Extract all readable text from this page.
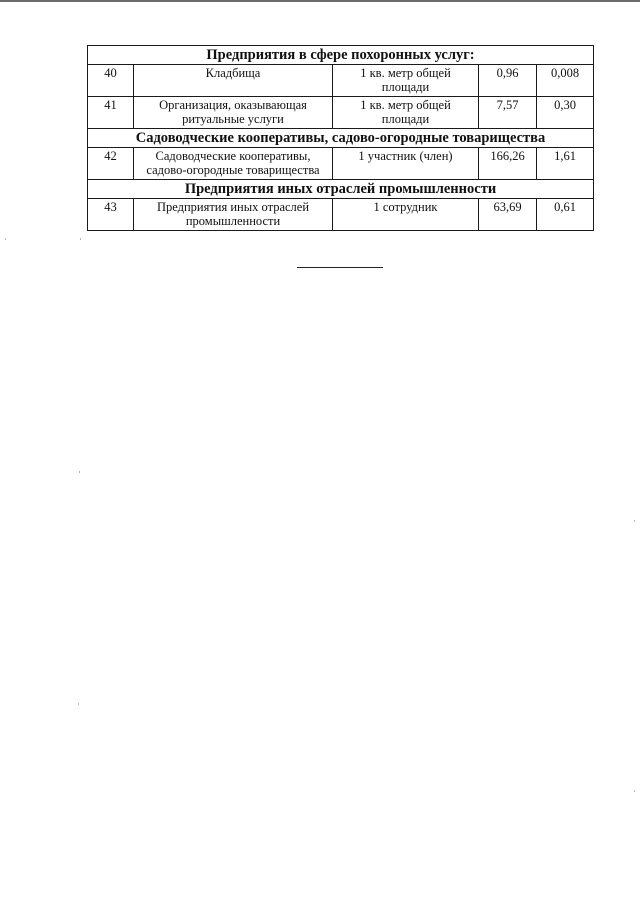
Предприятия в сфере похоронных услуг:				
40	Кладбища	1 кв. метр общей площади	0,96	0,008
41	Организация, оказывающая ритуальные услуги	1 кв. метр общей площади	7,57	0,30
Садоводческие кооперативы, садово-огородные товарищества				
42	Садоводческие кооперативы, садово-огородные товарищества	1 участник (член)	166,26	1,61
Предприятия иных отраслей промышленности				
43	Предприятия иных отраслей промышленности	1 сотрудник	63,69	0,61
